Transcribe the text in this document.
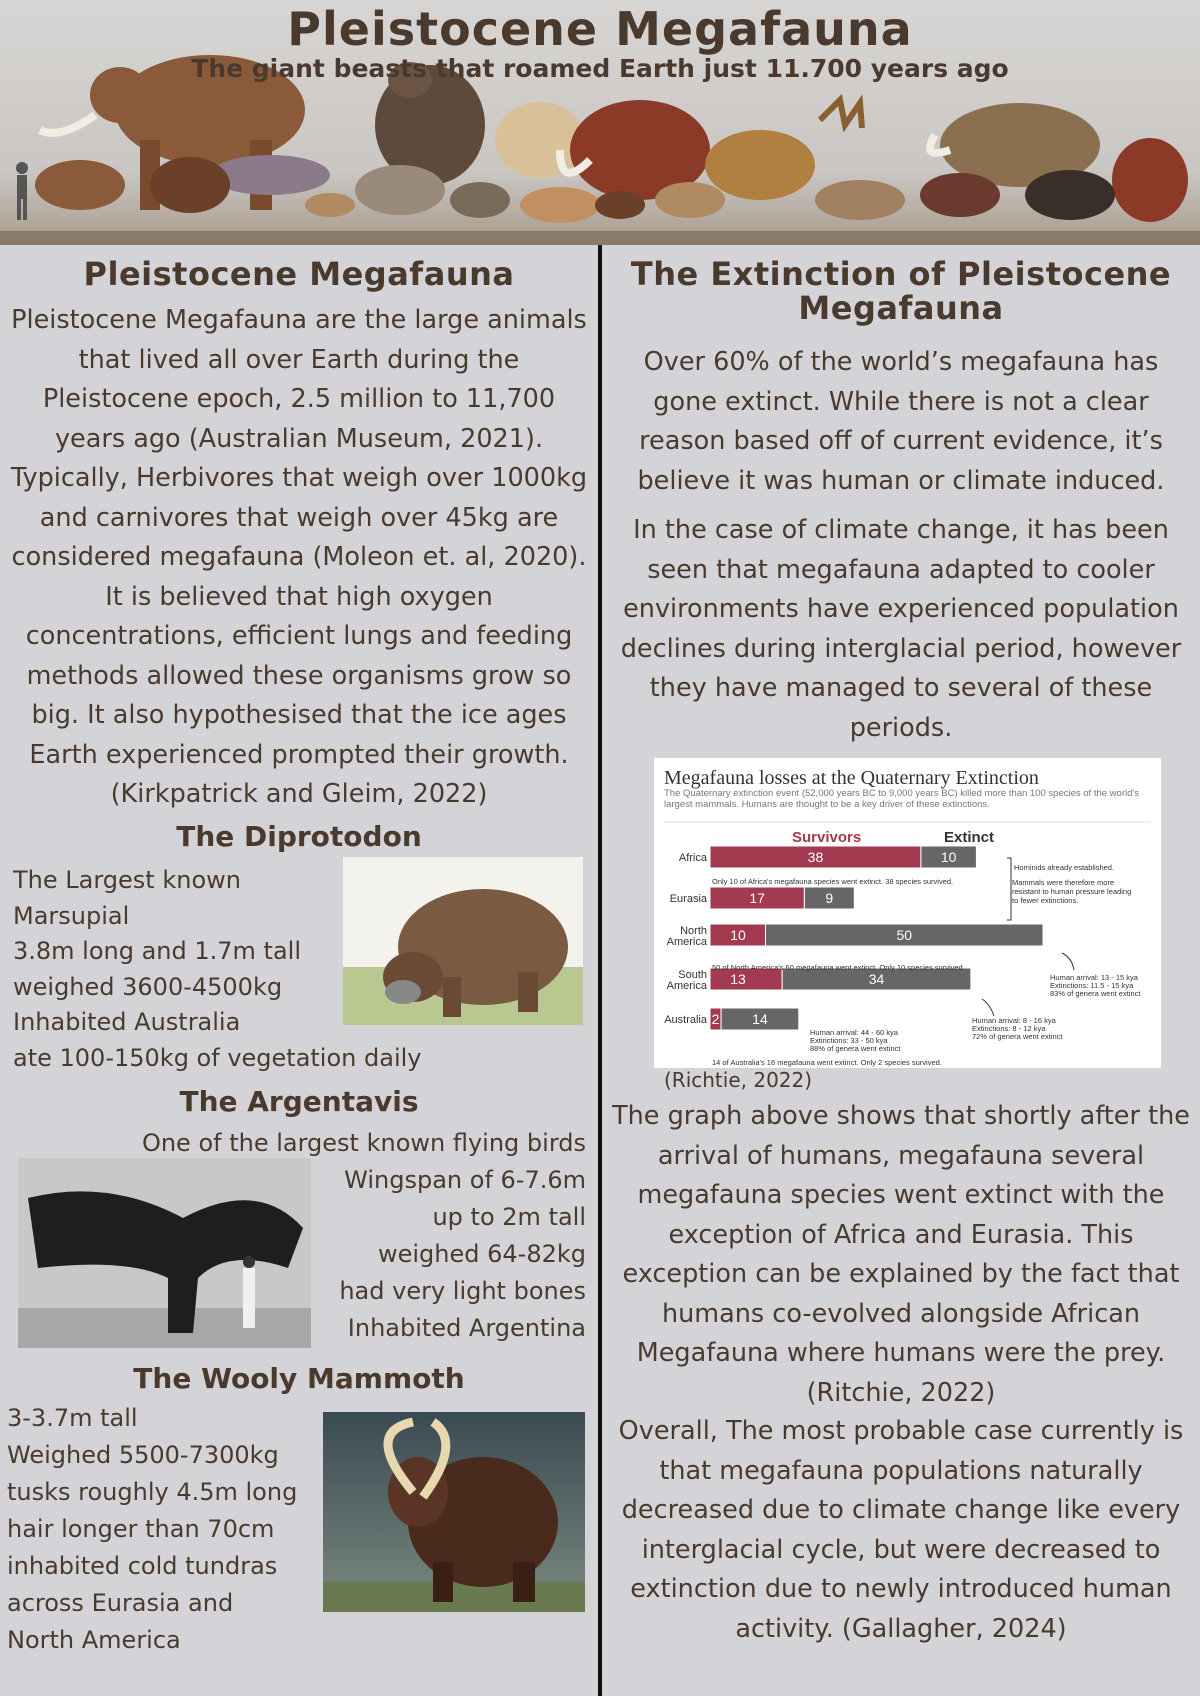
Pleistocene Megafauna
The giant beasts that roamed Earth just 11.700 years ago
Pleistocene Megafauna
Pleistocene Megafauna are the large animals that lived all over Earth during the Pleistocene epoch, 2.5 million to 11,700 years ago (Australian Museum, 2021). Typically, Herbivores that weigh over 1000kg and carnivores that weigh over 45kg are considered megafauna (Moleon et. al, 2020). It is believed that high oxygen concentrations, efficient lungs and feeding methods allowed these organisms grow so big. It also hypothesised that the ice ages Earth experienced prompted their growth. (Kirkpatrick and Gleim, 2022)
The Diprotodon
The Largest known
Marsupial
3.8m long and 1.7m tall
weighed 3600-4500kg
Inhabited Australia
ate 100-150kg of vegetation daily
The Argentavis
One of the largest known flying birds
Wingspan of 6-7.6m
up to 2m tall
weighed 64-82kg
had very light bones
Inhabited Argentina
The Wooly Mammoth
3-3.7m tall
Weighed 5500-7300kg
tusks roughly 4.5m long
hair longer than 70cm
inhabited cold tundras
across Eurasia and
North America
The Extinction of Pleistocene Megafauna
Over 60% of the world’s megafauna has gone extinct. While there is not a clear reason based off of current evidence, it’s believe it was human or climate induced.
In the case of climate change, it has been seen that megafauna adapted to cooler environments have experienced population declines during interglacial period, however they have managed to several of these periods.
Megafauna losses at the Quaternary Extinction
The Quaternary extinction event (52,000 years BC to 9,000 years BC) killed more than 100 species of the world's largest mammals. Humans are thought to be a key driver of these extinctions.
Survivors	Extinct
Africa	38	10
Eurasia	17	9
North America 10	50
South America 13	34
Australia 2 14
Only 10 of Africa's megafauna species went extinct. 38 species survived.
Hominids already established.
Mammals were therefore more resistant to human pressure leading to fewer extinctions.
50 of North America's 60 megafauna went extinct. Only 10 species survived.
14 of Australia's 16 megafauna went extinct. Only 2 species survived.
Human arrival: 13 - 15 kya
Extinctions: 11.5 - 15 kya
83% of genera went extinct
Human arrival: 8 - 16 kya
Extinctions: 8 - 12 kya
72% of genera went extinct
Human arrival: 44 - 60 kya
Extinctions: 33 - 50 kya
88% of genera went extinct
(Richtie, 2022)
The graph above shows that shortly after the arrival of humans, megafauna several megafauna species went extinct with the exception of Africa and Eurasia. This exception can be explained by the fact that humans co-evolved alongside African Megafauna where humans were the prey. (Ritchie, 2022)
Overall, The most probable case currently is that megafauna populations naturally decreased due to climate change like every interglacial cycle, but were decreased to extinction due to newly introduced human activity. (Gallagher, 2024)
